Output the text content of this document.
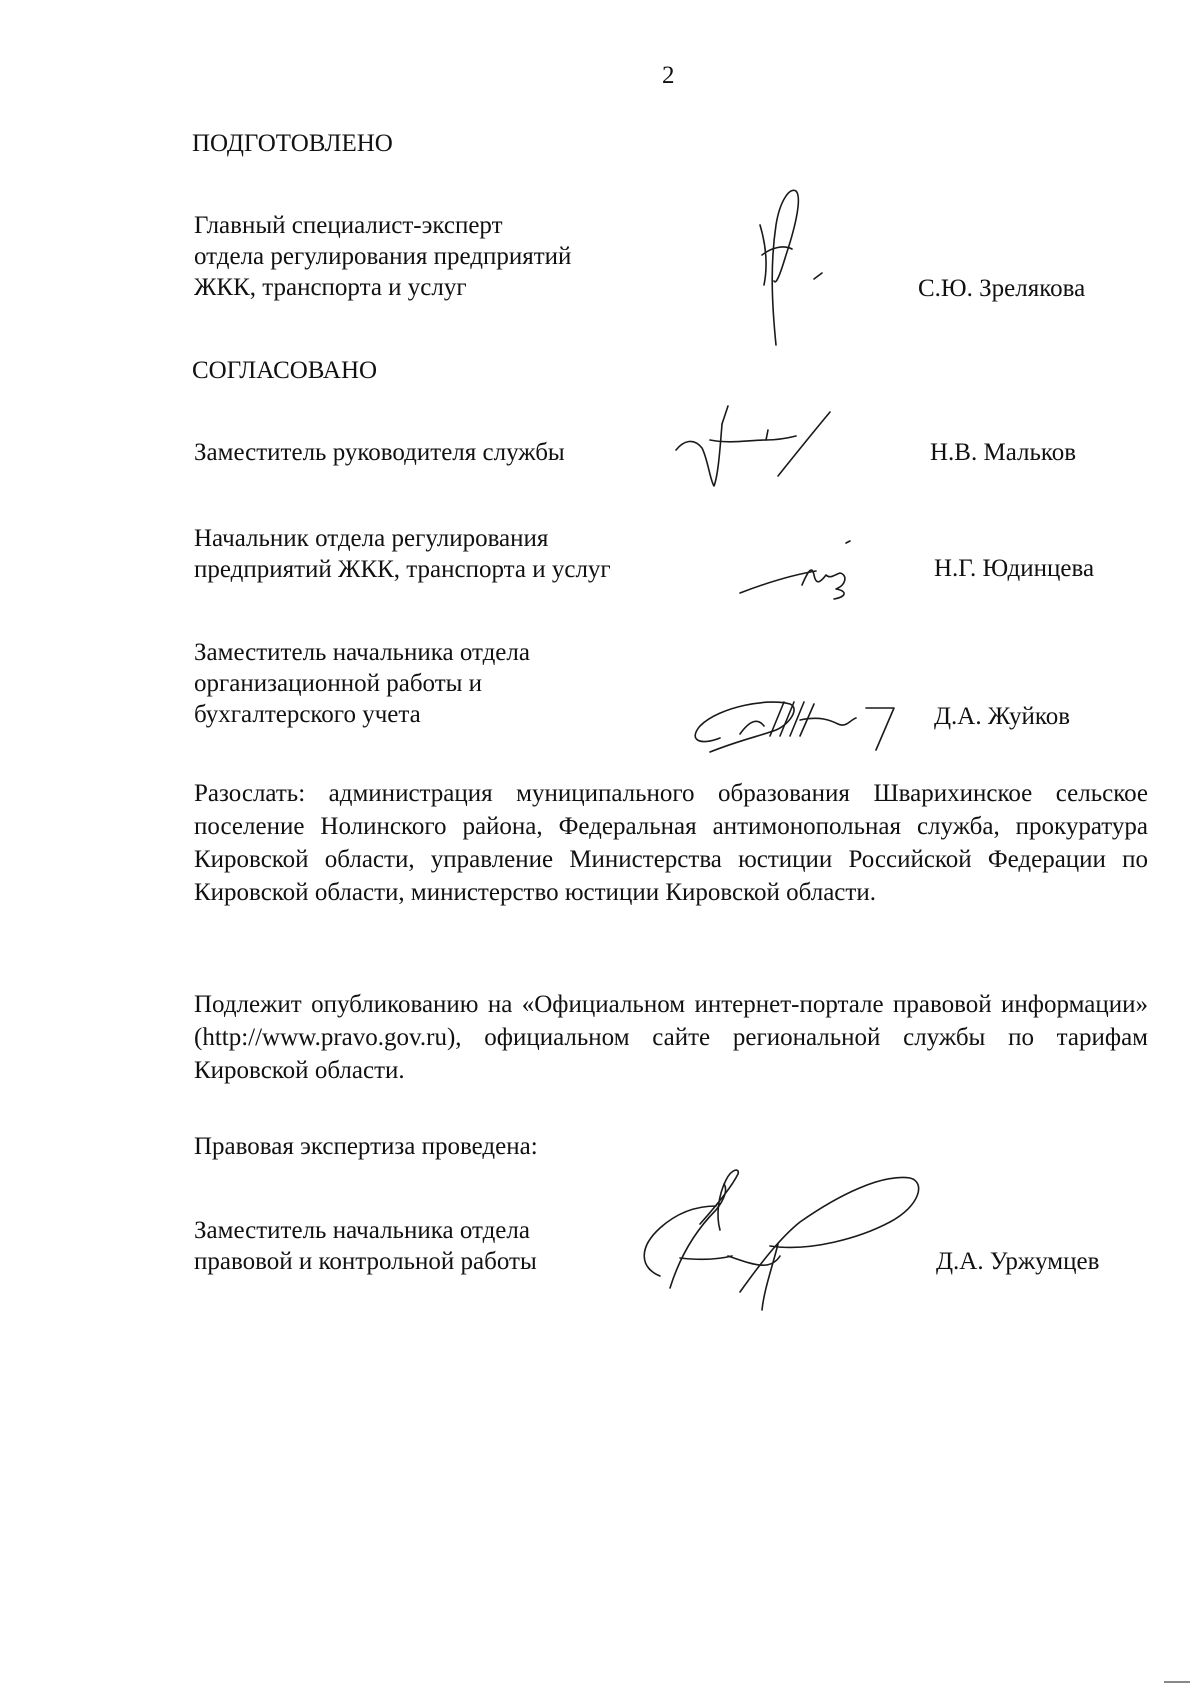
2
ПОДГОТОВЛЕНО
Главный специалист-эксперт
отдела регулирования предприятий
ЖКК, транспорта и услуг	С.Ю. Зрелякова
СОГЛАСОВАНО
Заместитель руководителя службы	Н.В. Мальков
Начальник отдела регулирования
предприятий ЖКК, транспорта и услуг	Н.Г. Юдинцева
Заместитель начальника отдела
организационной работы и
бухгалтерского учета	Д.А. Жуйков
Разослать: администрация муниципального образования Шварихинское сельское поселение Нолинского района, Федеральная антимонопольная служба, прокуратура Кировской области, управление Министерства юстиции Российской Федерации по Кировской области, министерство юстиции Кировской области.
Подлежит опубликованию на «Официальном интернет-портале правовой информации» (http://www.pravo.gov.ru), официальном сайте региональной службы по тарифам Кировской области.
Правовая экспертиза проведена:
Заместитель начальника отдела
правовой и контрольной работы	Д.А. Уржумцев
